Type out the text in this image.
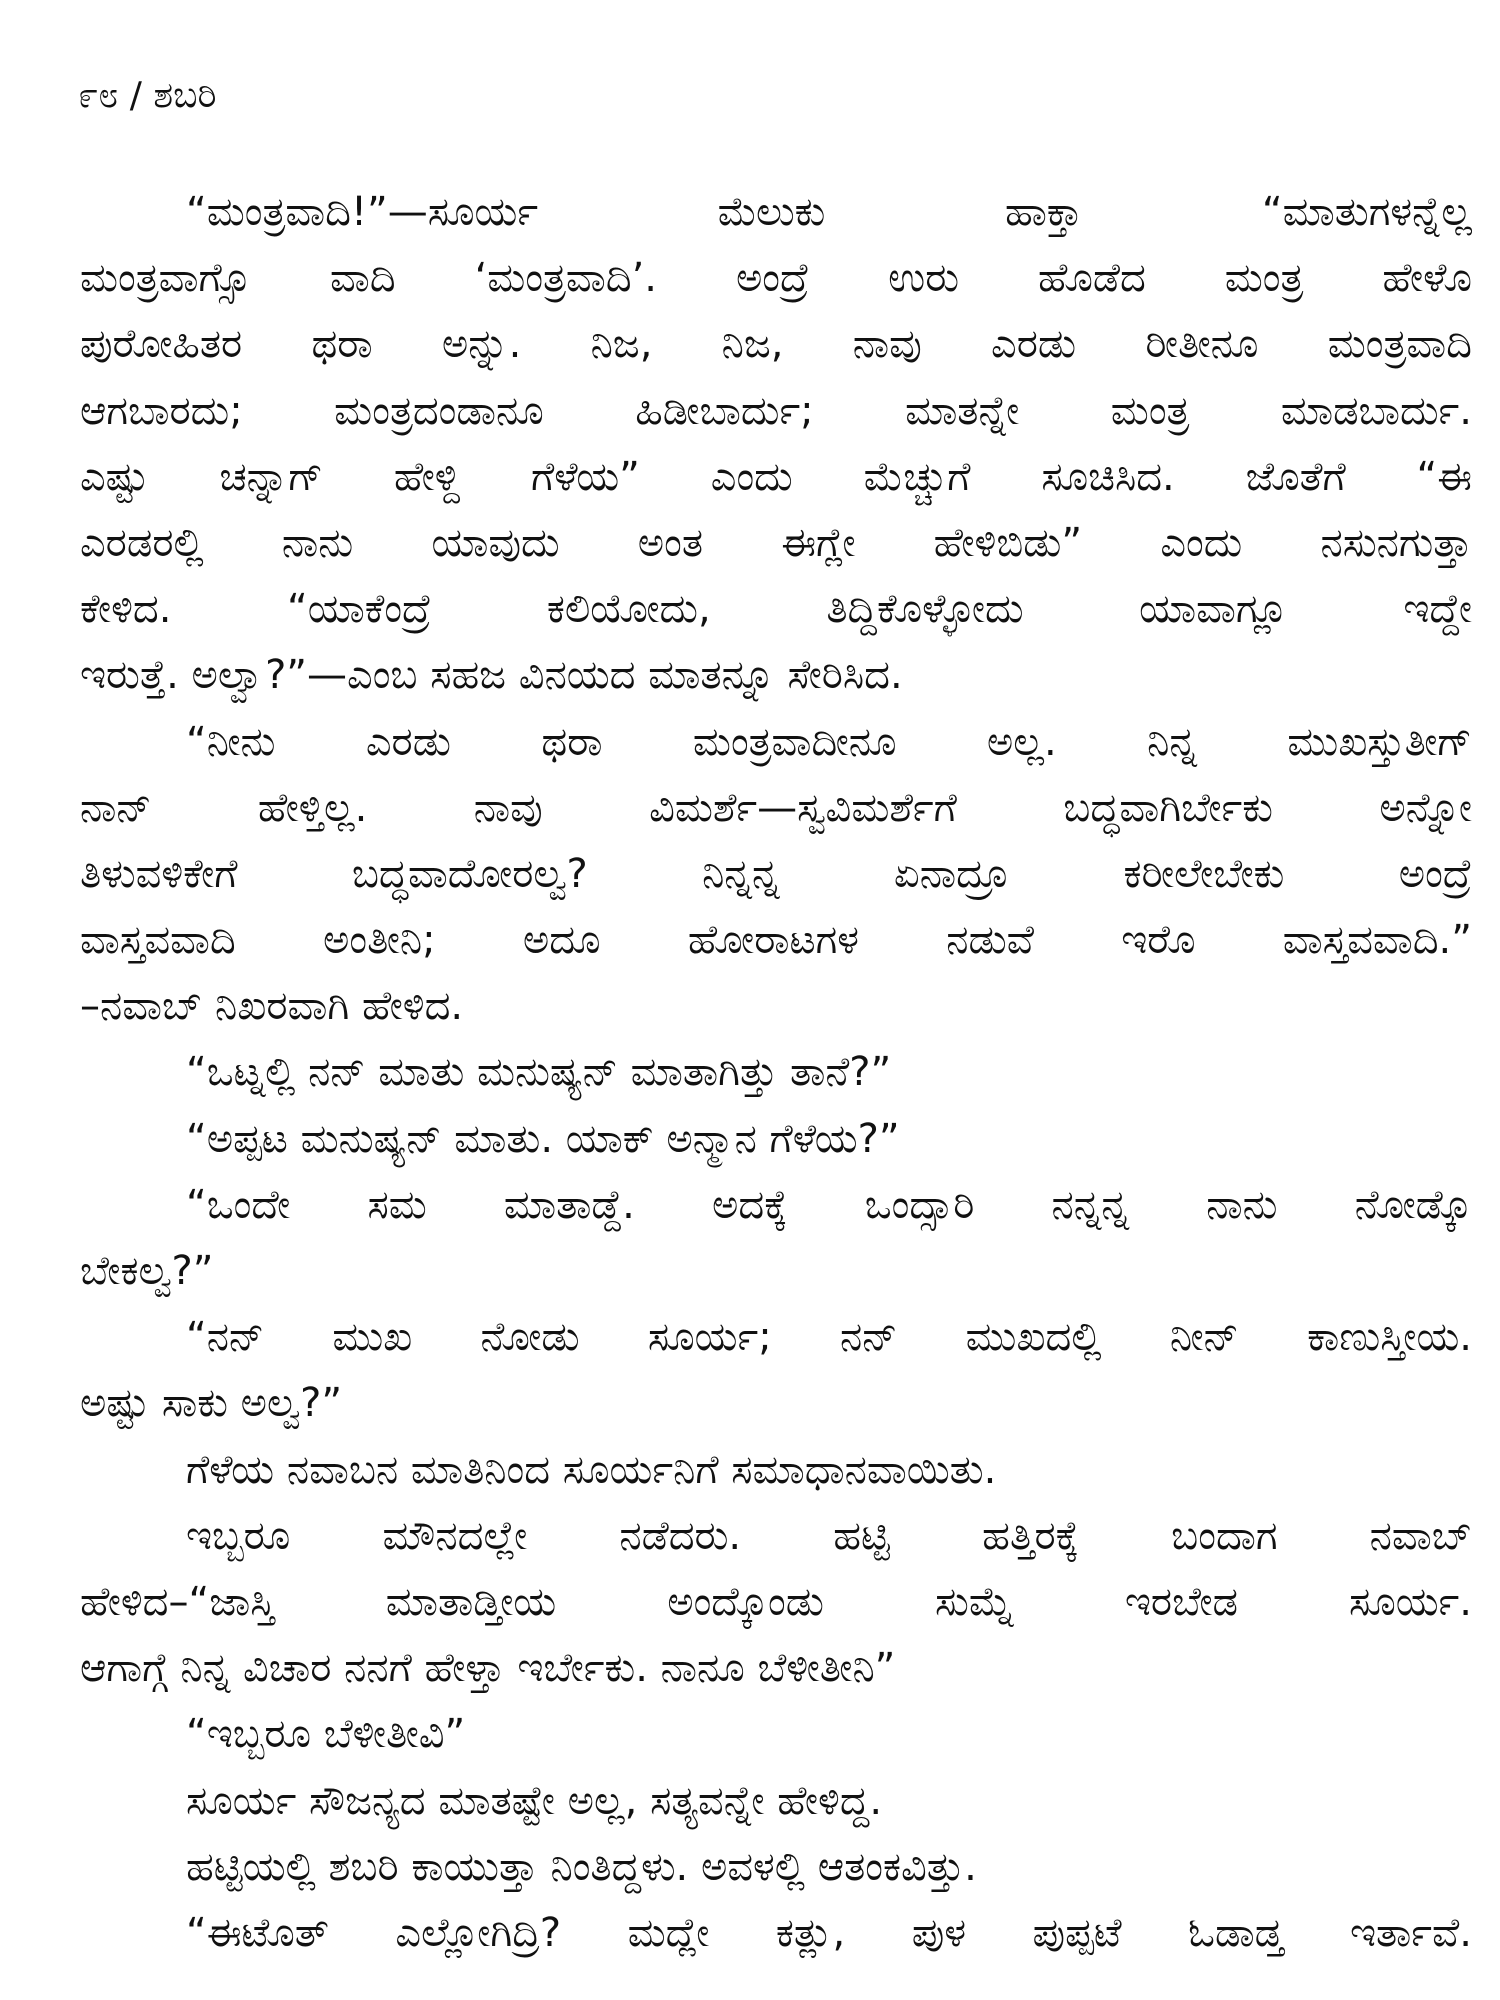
೯೮ / ಶಬರಿ
“ಮಂತ್ರವಾದಿ!”—ಸೂರ್ಯ ಮೆಲುಕು ಹಾಕ್ತಾ “ಮಾತುಗಳನ್ನೆಲ್ಲ
ಮಂತ್ರವಾಗ್ಸೊ ವಾದಿ ‘ಮಂತ್ರವಾದಿ’. ಅಂದ್ರೆ ಉರು ಹೊಡೆದ ಮಂತ್ರ ಹೇಳೊ
ಪುರೋಹಿತರ ಥರಾ ಅನ್ನು. ನಿಜ, ನಿಜ, ನಾವು ಎರಡು ರೀತೀನೂ ಮಂತ್ರವಾದಿ
ಆಗಬಾರದು; ಮಂತ್ರದಂಡಾನೂ ಹಿಡೀಬಾರ್ದು; ಮಾತನ್ನೇ ಮಂತ್ರ ಮಾಡಬಾರ್ದು.
ಎಷ್ಟು ಚನ್ನಾಗ್ ಹೇಳ್ದಿ ಗೆಳೆಯ” ಎಂದು ಮೆಚ್ಚುಗೆ ಸೂಚಿಸಿದ. ಜೊತೆಗೆ “ಈ
ಎರಡರಲ್ಲಿ ನಾನು ಯಾವುದು ಅಂತ ಈಗ್ಲೇ ಹೇಳಿಬಿಡು” ಎಂದು ನಸುನಗುತ್ತಾ
ಕೇಳಿದ. “ಯಾಕೆಂದ್ರೆ ಕಲಿಯೋದು, ತಿದ್ದಿಕೊಳ್ಳೋದು ಯಾವಾಗ್ಲೂ ಇದ್ದೇ
ಇರುತ್ತೆ. ಅಲ್ವಾ?”—ಎಂಬ ಸಹಜ ವಿನಯದ ಮಾತನ್ನೂ ಸೇರಿಸಿದ.
“ನೀನು ಎರಡು ಥರಾ ಮಂತ್ರವಾದೀನೂ ಅಲ್ಲ. ನಿನ್ನ ಮುಖಸ್ತುತೀಗ್
ನಾನ್ ಹೇಳ್ತಿಲ್ಲ. ನಾವು ವಿಮರ್ಶೆ—ಸ್ವವಿಮರ್ಶೆಗೆ ಬದ್ಧವಾಗಿರ್ಬೇಕು ಅನ್ನೋ
ತಿಳುವಳಿಕೇಗೆ ಬದ್ಧವಾದೋರಲ್ವ? ನಿನ್ನನ್ನ ಏನಾದ್ರೂ ಕರೀಲೇಬೇಕು ಅಂದ್ರೆ
ವಾಸ್ತವವಾದಿ ಅಂತೀನಿ; ಅದೂ ಹೋರಾಟಗಳ ನಡುವೆ ಇರೊ ವಾಸ್ತವವಾದಿ.”
–ನವಾಬ್ ನಿಖರವಾಗಿ ಹೇಳಿದ.
“ಒಟ್ನಲ್ಲಿ ನನ್ ಮಾತು ಮನುಷ್ಯನ್ ಮಾತಾಗಿತ್ತು ತಾನೆ?”
“ಅಪ್ಪಟ ಮನುಷ್ಯನ್ ಮಾತು. ಯಾಕ್ ಅನ್ಮಾನ ಗೆಳೆಯ?”
“ಒಂದೇ ಸಮ ಮಾತಾಡ್ದೆ. ಅದಕ್ಕೆ ಒಂದ್ಸಾರಿ ನನ್ನನ್ನ ನಾನು ನೋಡ್ಕೊ
ಬೇಕಲ್ವ?”
“ನನ್ ಮುಖ ನೋಡು ಸೂರ್ಯ; ನನ್ ಮುಖದಲ್ಲಿ ನೀನ್ ಕಾಣುಸ್ತೀಯ.
ಅಷ್ಟು ಸಾಕು ಅಲ್ವ?”
ಗೆಳೆಯ ನವಾಬನ ಮಾತಿನಿಂದ ಸೂರ್ಯನಿಗೆ ಸಮಾಧಾನವಾಯಿತು.
ಇಬ್ಬರೂ ಮೌನದಲ್ಲೇ ನಡೆದರು. ಹಟ್ಟಿ ಹತ್ತಿರಕ್ಕೆ ಬಂದಾಗ ನವಾಬ್
ಹೇಳಿದ–“ಜಾಸ್ತಿ ಮಾತಾಡ್ತೀಯ ಅಂದ್ಕೊಂಡು ಸುಮ್ನೆ ಇರಬೇಡ ಸೂರ್ಯ.
ಆಗಾಗ್ಗೆ ನಿನ್ನ ವಿಚಾರ ನನಗೆ ಹೇಳ್ತಾ ಇರ್ಬೇಕು. ನಾನೂ ಬೆಳೀತೀನಿ”
“ಇಬ್ಬರೂ ಬೆಳೀತೀವಿ”
ಸೂರ್ಯ ಸೌಜನ್ಯದ ಮಾತಷ್ಟೇ ಅಲ್ಲ, ಸತ್ಯವನ್ನೇ ಹೇಳಿದ್ದ.
ಹಟ್ಟಿಯಲ್ಲಿ ಶಬರಿ ಕಾಯುತ್ತಾ ನಿಂತಿದ್ದಳು. ಅವಳಲ್ಲಿ ಆತಂಕವಿತ್ತು.
“ಈಟೊತ್ ಎಲ್ಲೋಗಿದ್ರಿ? ಮದ್ಲೇ ಕತ್ಲು, ಪುಳ ಪುಪ್ಪಟೆ ಓಡಾಡ್ತ ಇರ್ತಾವೆ.
